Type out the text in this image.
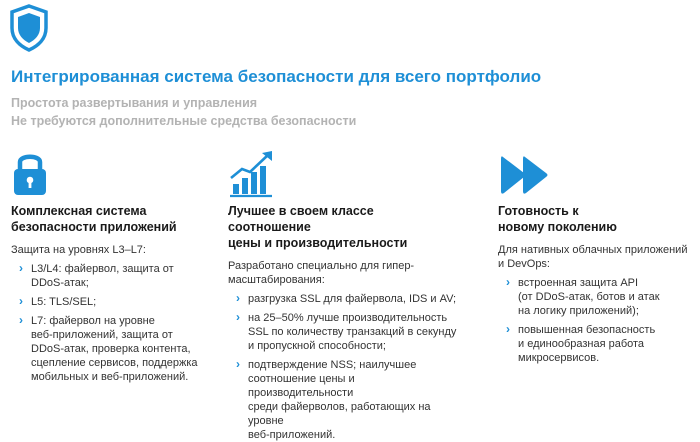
Интегрированная система безопасности для всего портфолио
Простота развертывания и управления
Не требуются дополнительные средства безопасности
Комплексная система
безопасности приложений
Защита на уровнях L3–L7:
› L3/L4: файервол, защита от
DDoS-атак;
› L5: TLS/SEL;
› L7: файервол на уровне
веб-приложений, защита от
DDoS-атак, проверка контента,
сцепление сервисов, поддержка
мобильных и веб-приложений.
Лучшее в своем классе соотношение
цены и производительности
Разработано специально для гипер-
масштабирования:
› разгрузка SSL для файервола, IDS и AV;
› на 25–50% лучше производительность
SSL по количеству транзакций в секунду
и пропускной способности;
› подтверждение NSS; наилучшее
соотношение цены и производительности
среди файерволов, работающих на уровне
веб-приложений.
Готовность к
новому поколению
Для нативных облачных приложений
и DevOps:
› встроенная защита API
(от DDoS-атак, ботов и атак
на логику приложений);
› повышенная безопасность
и единообразная работа
микросервисов.
